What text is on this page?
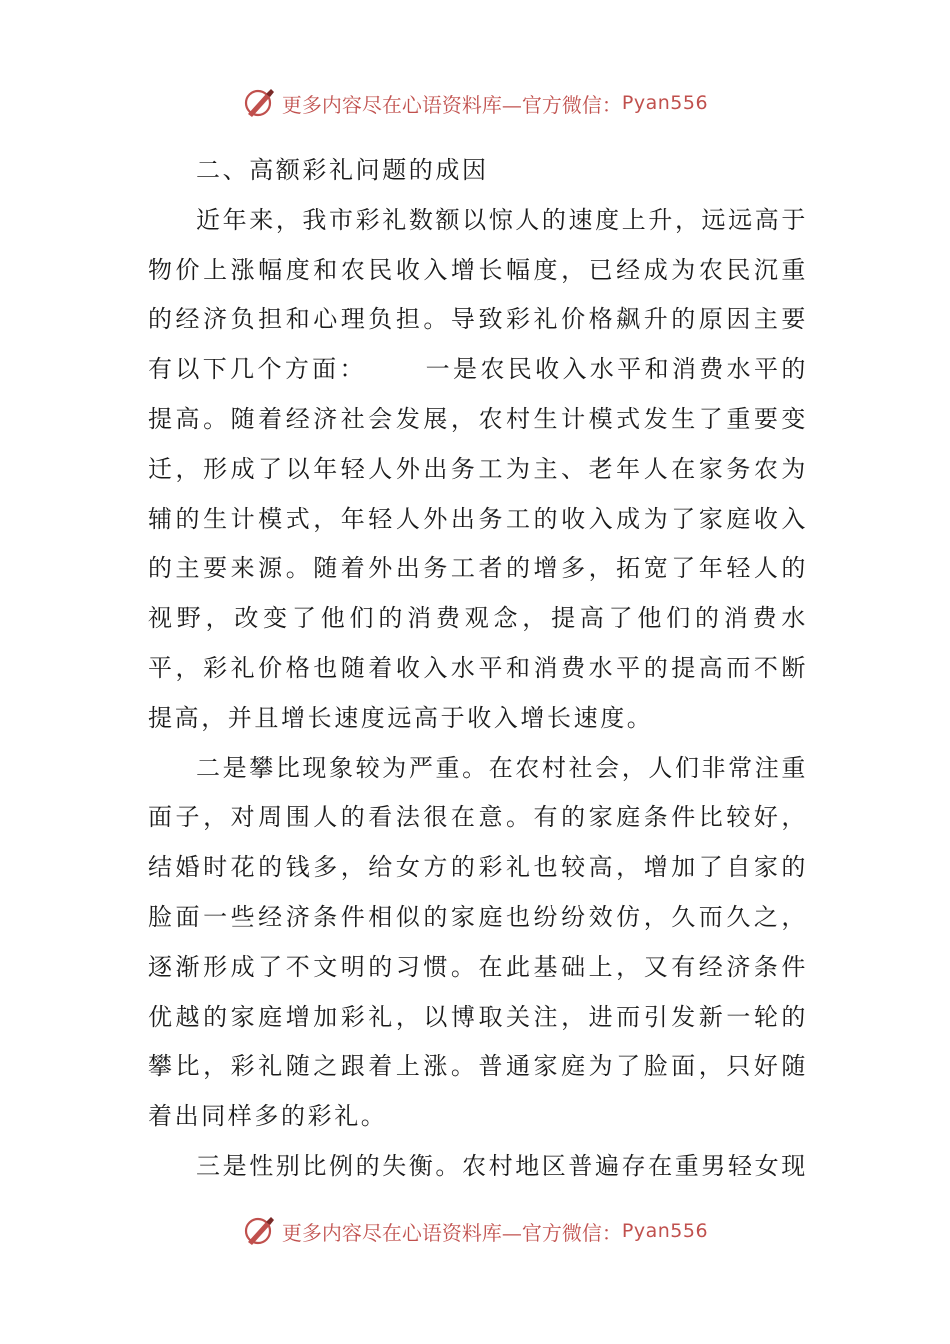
更多内容尽在心语资料库—官方微信： Pyan556

二、高额彩礼问题的成因

近年来，我市彩礼数额以惊人的速度上升，远远高于物价上涨幅度和农民收入增长幅度，已经成为农民沉重的经济负担和心理负担。导致彩礼价格飙升的原因主要有以下几个方面： 一是农民收入水平和消费水平的提高。随着经济社会发展，农村生计模式发生了重要变迁，形成了以年轻人外出务工为主、老年人在家务农为辅的生计模式，年轻人外出务工的收入成为了家庭收入的主要来源。随着外出务工者的增多，拓宽了年轻人的视野，改变了他们的消费观念，提高了他们的消费水平，彩礼价格也随着收入水平和消费水平的提高而不断提高，并且增长速度远高于收入增长速度。

二是攀比现象较为严重。在农村社会，人们非常注重面子，对周围人的看法很在意。有的家庭条件比较好，结婚时花的钱多，给女方的彩礼也较高，增加了自家的脸面一些经济条件相似的家庭也纷纷效仿，久而久之，逐渐形成了不文明的习惯。在此基础上，又有经济条件优越的家庭增加彩礼，以博取关注，进而引发新一轮的攀比，彩礼随之跟着上涨。普通家庭为了脸面，只好随着出同样多的彩礼。

三是性别比例的失衡。农村地区普遍存在重男轻女现

更多内容尽在心语资料库—官方微信： Pyan556
